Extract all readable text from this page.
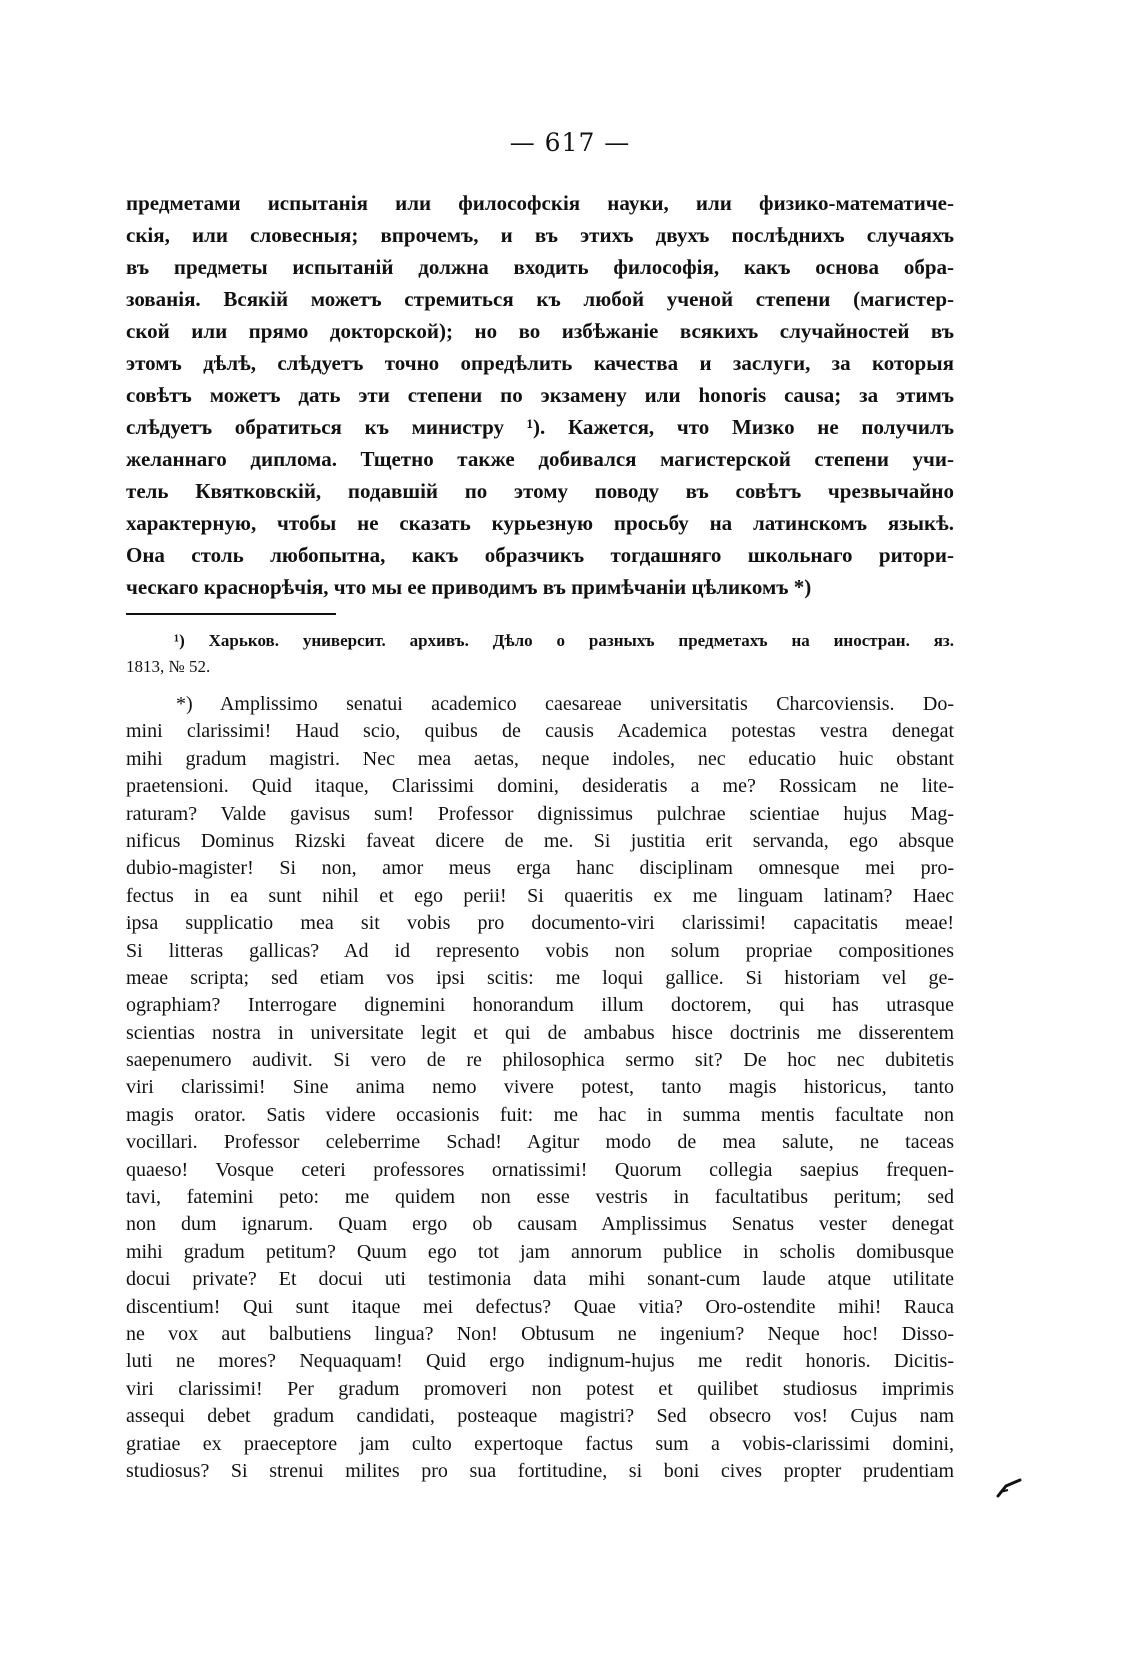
— 617 —
предметами испытанія или философскія науки, или физико-математиче-
скія, или словесныя; впрочемъ, и въ этихъ двухъ послѣднихъ случаяхъ
въ предметы испытаній должна входить философія, какъ основа обра-
зованія. Всякій можетъ стремиться къ любой ученой степени (магистер-
ской или прямо докторской); но во избѣжаніе всякихъ случайностей въ
этомъ дѣлѣ, слѣдуетъ точно опредѣлить качества и заслуги, за которыя
совѣтъ можетъ дать эти степени по экзамену или honoris causa; за этимъ
слѣдуетъ обратиться къ министру ¹). Кажется, что Мизко не получилъ
желаннаго диплома. Тщетно также добивался магистерской степени учи-
тель Квятковскій, подавшій по этому поводу въ совѣтъ чрезвычайно
характерную, чтобы не сказать курьезную просьбу на латинскомъ языкѣ.
Она столь любопытна, какъ образчикъ тогдашняго школьнаго ритори-
ческаго краснорѣчія, что мы ее приводимъ въ примѣчаніи цѣликомъ *)
¹) Харьков. университ. архивъ. Дѣло о разныхъ предметахъ на иностран. яз.
1813, № 52.
*) Amplissimo senatui academico caesareae universitatis Charcoviensis. Do-
mini clarissimi! Haud scio, quibus de causis Academica potestas vestra denegat
mihi gradum magistri. Nec mea aetas, neque indoles, nec educatio huic obstant
praetensioni. Quid itaque, Clarissimi domini, desideratis a me? Rossicam ne lite-
raturam? Valde gavisus sum! Professor dignissimus pulchrae scientiae hujus Mag-
nificus Dominus Rizski faveat dicere de me. Si justitia erit servanda, ego absque
dubio-magister! Si non, amor meus erga hanc disciplinam omnesque mei pro-
fectus in ea sunt nihil et ego perii! Si quaeritis ex me linguam latinam? Haec
ipsa supplicatio mea sit vobis pro documento-viri clarissimi! capacitatis meae!
Si litteras gallicas? Ad id represento vobis non solum propriae compositiones
meae scripta; sed etiam vos ipsi scitis: me loqui gallice. Si historiam vel ge-
ographiam? Interrogare dignemini honorandum illum doctorem, qui has utrasque
scientias nostra in universitate legit et qui de ambabus hisce doctrinis me disserentem
saepenumero audivit. Si vero de re philosophica sermo sit? De hoc nec dubitetis
viri clarissimi! Sine anima nemo vivere potest, tanto magis historicus, tanto
magis orator. Satis videre occasionis fuit: me hac in summa mentis facultate non
vocillari. Professor celeberrime Schad! Agitur modo de mea salute, ne taceas
quaeso! Vosque ceteri professores ornatissimi! Quorum collegia saepius frequen-
tavi, fatemini peto: me quidem non esse vestris in facultatibus peritum; sed
non dum ignarum. Quam ergo ob causam Amplissimus Senatus vester denegat
mihi gradum petitum? Quum ego tot jam annorum publice in scholis domibusque
docui privatе? Et docui uti testimonia data mihi sonant-cum laude atque utilitate
discentium! Qui sunt itaque mei defectus? Quae vitia? Oro-ostendite mihi! Rauca
ne vox aut balbutiens lingua? Non! Obtusum ne ingenium? Neque hoc! Disso-
luti ne mores? Nequaquam! Quid ergo indignum-hujus me redit honoris. Dicitis-
viri clarissimi! Per gradum promoveri non potest et quilibet studiosus imprimis
assequi debet gradum candidati, posteaque magistri? Sed obsecro vos! Cujus nam
gratiae ex praeceptore jam culto expertoque factus sum a vobis-clarissimi domini,
studiosus? Si strenui milites pro sua fortitudine, si boni cives propter prudentiam
